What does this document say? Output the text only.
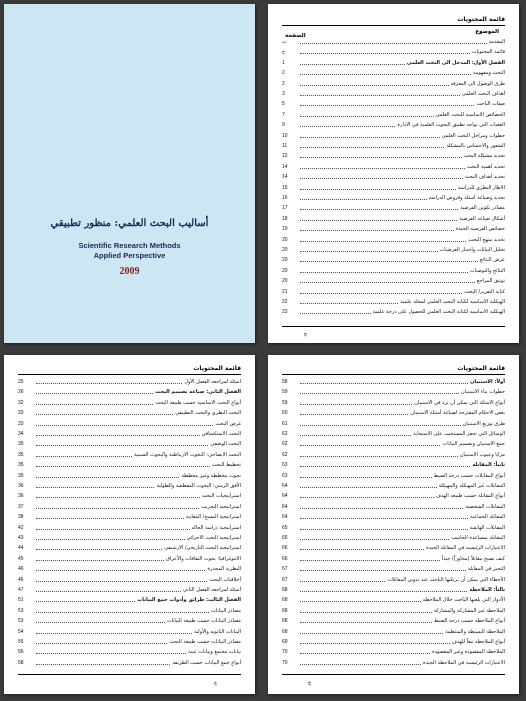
أساليب البحث العلمي: منظور تطبيقي
Scientific Research Methods
Applied Perspective
2009
قائمة المحتويات
الموضوع
الصفحة
المقدمة
ث
قائمة المحتويات
ج
الفصل الأول: المدخل الى البحث العلمي
1
البحث ومفهومه
2
طرق الوصول الى المعرفة
2
أهداف البحث العلمي
3
صفات الباحث
5
الخصائص الاساسية للبحث العلمي
7
العقبات التي تواجه تطبيق البحوث العلمية في الادارة
9
خطوات ومراحل البحث العلمي
10
الشعور والاحساس بالمشكلة
11
تحديد مشكلة البحث
12
تحديد أهمية البحث
14
تحديد أهداف البحث
14
الاطار النظري للدراسة
15
تحديد وصياغة أسئلة وفروض الدراسة
16
مصادر تكوين الفرضية
17
أشكال صياغة الفرضية
18
خصائص الفرضية الجيدة
19
تحديد منهج البحث
20
تحليل البيانات واختبار الفرضيات
20
عرض النتائج
20
النتائج والتوصيات
20
توثيق المراجع
20
كتابة التقرير/ البحث
21
الهيكلية الاساسية لكتابة البحث العلمي لمجلة علمية
22
الهيكلية الاساسية لكتابة البحث العلمي للحصول على درجة علمية
23
ج
قائمة المحتويات
اسئلة لمراجعة الفصل الأول
25
الفصل الثاني: صياغة تصميم البحث
26
أنواع البحث الاساسية حسب طبيعة البحث
32
البحث النظري والبحث التطبيقي
33
غرض البحث
33
البحث الاستكشافي
34
البحث الوصفي
35
البحث الايضاحي: البحوث الارتباطية والبحوث السببية
35
تخطيط البحث
35
بحوث مخططة وغير مخططة
35
الأفق الزمني: البحوث المقطعية والطولية
36
استراتيجيات البحث
36
استراتيجية التجريب
37
استراتيجية المسح/ المعاينة
38
استراتيجية دراسة الحالة
42
استراتيجية البحث الاجرائي
43
استراتيجية البحث التاريخي/ الارشيفي
44
الاثنوغرافيا: بحوث الثقافات والأعراق
45
النظرية المجذرة
46
أخلاقيات البحث
46
أسئلة لمراجعة الفصل الثاني
47
الفصل الثالث: طرائق وأدوات جمع البيانات
51
مصادر البيانات
53
مصادر البيانات حسب طبيعة البيانات
53
البيانات الثانوية والأولية
54
مصادر البيانات حسب طبيعة البحث
55
بيانات مجتمع وبيانات عينة
56
أنواع جمع البيانات حسب الطريقة
58
ح
قائمة المحتويات
أولاً: الاستبيان
58
خطوات بناء الاستبيان
59
أنواع الاسئلة التي يمكن أن ترد في الاستبيان
59
بعض الاحكام المقترحة لصياغة أسئلة الاستبيان
60
طرق توزيع الاستبيان
61
الوسائل التي تحفز المستجيب على الاستجابة
62
جمع الاستبيان وتصميم البيانات
62
مزايا وعيوب الاستبيان
62
ثانياً: المقابلة
63
أنواع المقابلات حسب درجة الضبط
63
المقابلات غير المهيكلة والمهيكلة
64
أنواع المقابلة حسب طبيعة الهدف
64
المقابلات الشخصية
64
المقابلة الجماعية
64
المقابلات الهاتفية
65
المقابلة بمساعدة الحاسب
65
الاعتبارات الرئيسية في المقابلة الجيدة
66
كيف تصبح مقابلاً (محاوراً) جيداً
66
التحيز في المقابلة
67
الأخطاء التي يمكن أن يرتكبها الباحث عند تدوين المقابلات
67
ثالثاً: الملاحظة
68
الأدوار التي يلعبها الباحث خلال الملاحظة
68
الملاحظة غير المشاركة والمشاركة
68
أنواع الملاحظة حسب درجة الضبط
68
الملاحظة البسيطة والمنتظمة
68
أنواع الملاحظة تبعاً للهدف
69
الملاحظة المقصودة وغير المقصودة
70
الاعتبارات الرئيسية في الملاحظة الجيدة
70
خ
